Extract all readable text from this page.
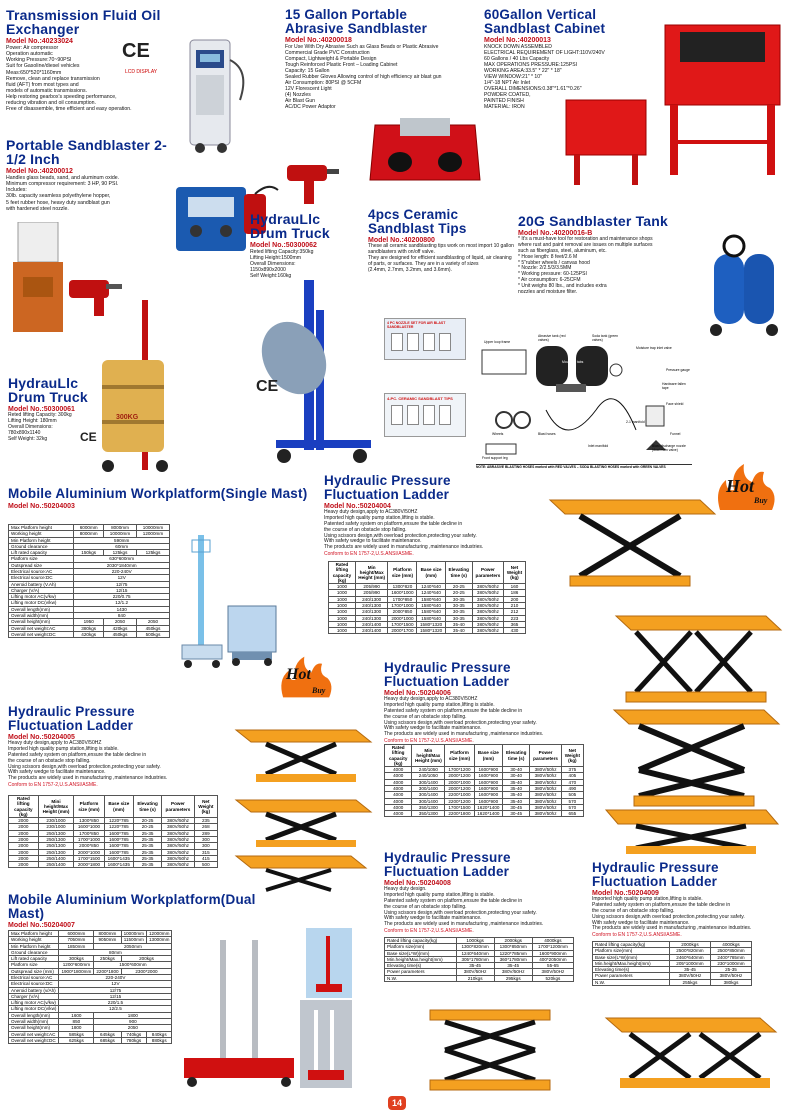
Transmission Fluid Oil Exchanger
Model No.:40233024
Power: Air compressor
Operation automatic
Working Pressure:70~90PSI
Suit for Gasoline/diesel vehicles
Meas:650*520*1160mm
Remove, clean and replace transmission
fluid (AFT) from most types and
models of automatic transmissions.
Help restoring gearbox's speeding performance,
reducing vibration and oil consumption.
Free of disassemble, time efficient and easy operation.
CE
LCD DISPLAY
Portable Sandblaster 2-1/2 Inch
Model No.:40200012
Handles glass beads, sand, and aluminum oxide.
Minimum compressor requirement: 3 HP, 90 PSI.
Includes:
30lb. capacity seamless polyethylene hopper,
5 feet rubber hose, heavy duty sandblast gun
with hardened steel nozzle.
15 Gallon Portable Abrasive Sandblaster
Model No.:40200018
For Use With Dry Abrasive Such as Glass Beads or Plastic Abrasive
Commercial Grade PVC Construction
Compact, Lightweight & Portable Design
Tough Reinforced Plastic Front – Loading Cabinet
Capacity: 15 Gallon
Sealed Rubber Gloves Allowing control of high efficiency air blast gun
Air Consumption: 80PSI @ 5CFM
12V Florescent Light
(4) Nozzles
Air Blast Gun
AC/DC Power Adaptor
60Gallon Vertical Sandblast Cabinet
Model No.:40200013
KNOCK DOWN ASSEMBLED
ELECTRICAL REQUIREMENT OF LIGHT:110V/240V
60 Gallons / 40 Lbs Capacity
MAX OPERATIONS PRESSURE:125PSI
WORKING AREA:33.5" * 22" * 18"
VIEW WINDOW:21" * 10"
1/4"-18 NPT Air Inlet
OVERALL DIMENSIONS:0.38"*1.61"*0.26"
POWDER COATED,
PAINTED FINISH
MATERIAL: IRON
HydrauLlc Drum Truck
Model No.:50300062
Reted lifting Capacity:350kg
Lifting Height:1500mm
Overall Dimensions:
1150x890x2000
Self Weight:160kg
4pcs Ceramic Sandblast Tips
Model No.:40200800
These all ceramic sandblasting tips work on most import 10 gallon sandblasters with on/off valve.
They are designed for efficient sandblasting of liquid, air cleaning of parts, or surfaces. They are in a variety of sizes
(2.4mm, 2.7mm, 3.2mm, and 3.6mm).
4 PC NOZZLE SET FOR AIR BLAST SANDBLASTER
4-PC. CERAMIC SANDBLAST TIPS
20G Sandblaster Tank
Model No.:40200016-B
* It's a must-have tool for restoration and maintenance shops
where rust and paint removal are issues on multiple surfaces
such as fiberglass, steel, aluminum, etc.
* Hose length: 8 feet/2.6 M
* 5"rubber wheels / canvas hood
* Nozzle: 2/2.5/3/3.5MM
* Working pressure: 60-125PSI
* Air consumption: 6-25CFM
* Unit weighs 80 lbs., and includes extra
nozzles and moisture filter.
Upper loop frame
Abrasive tank (red valves)
Soda tank (green valves)
Mounting tabs
Moisture trap inlet valve
Pressure gauge
Hardware fallen tape
Face shield
Wheels	Blast hoses
2-1 manifold
Funnel
Inlet manifold
Front support leg
Blast discharge nozzle (dual main valve)
NOTE: ABRASIVE BLASTING HOSES marked with RED VALVES – SODA BLASTING HOSES marked with GREEN VALVES
CE
300KG
HydrauLlc Drum Truck
Model No.:50300061
Reted lifting Capacity: 300kg
Lifting Height: 180mm
Overall Dimensions:
780x890x1140
Self Weight: 32kg	CE
Hot
Buy
Hot
Buy
Mobile Aluminium Workplatform(Single Mast)
Model No.:50204003
Max Platform height	6000mm	8000mm	10000mm
Working height	8000mm	10000mm	12000mm
Min Platform height	590mm		
Ground clearance	60mm		
Lift rated capacity	150kgs	125kgs	125kgs
Platform size	630*600mm		
Outspread size	2030*1840mm		
Electrical source:AC	220-240V		
Electrical source:DC	12V		
Aneroid battery (V.Ah)	12/75		
Charger (V/A)	12/15		
Lifting motor AC(v/kw)	220/0.75		
Lifting motor DC(v/kw)	12/1.2		
Overall length(mm)	1430		
Overall width(mm)	840		
Overall height(mm)	1950	2050	2050
Overall net weight:AC	380kgs	420kgs	450kgs
Overall net weight:DC	420kgs	450kgs	500kgs
Hydraulic Pressure Fluctuation Ladder
Model No.:50204004
Heavy duty design,apply to AC380V/50HZ
Imported high quality pump station,lifting is stable.
Patented safety system on platform,ensure the table decline in
the course of an obstacle stop falling.
Using scissors design,with overload protection,protecting your safety.
With safety wedge to facilitate maintenance.
The products are widely used in manufacturing ,maintenance industries.
Conform to EN 1757-2,U.S.ANSI/ASME.
Rated lifting capacity (kg)	Min height/Max Height (mm)	Platform size (mm)	Base size (mm)	Elevating time (s)	Power parameters	Net Weight (kg)
1000	205/990	1300*820	1240*640	20-25	380V/50hz	160
1000	205/990	1600*1000	1240*640	20-25	380V/50hz	186
1000	240/1300	1700*850	1580*640	30-35	380V/50hz	200
1000	240/1300	1700*1000	1580*640	30-35	380V/50hz	210
1000	240/1300	2000*850	1580*640	30-35	380V/50hz	212
1000	240/1300	2000*1000	1580*640	30-35	380V/50hz	223
1000	240/1400	1700*1500	1580*1320	35-40	380V/50hz	365
1000	240/1400	2000*1700	1580*1320	35-40	380V/50hz	430
Hydraulic Pressure Fluctuation Ladder
Model No.:50204005
Heavy duty design,apply to AC380V/50HZ
Imported high quality pump station,lifting is stable.
Patented safety system on platform,ensure the table decline in
the course of an obstacle stop falling.
Using scissors design,with overload protection,protecting your safety.
With safety wedge to facilitate maintenance.
The products are widely used in manufacturing ,maintenance industries.
Conform to EN 1757-2,U.S.ANSI/ASME.
Rated lifting capacity (kg)	Mini height/Max Height (mm)	Platform size (mm)	Base size (mm)	Elevating time (s)	Power parameters	Net Weight (kg)
2000	230/1000	1300*850	1220*785	20-25	380V/50hz	235
2000	230/1000	1600*1000	1220*785	20-25	380V/50hz	268
2000	250/1300	1700*850	1600*785	25-35	380V/50hz	289
2000	250/1300	1700*1000	1600*785	25-35	380V/50hz	300
2000	250/1300	2000*850	1600*785	25-35	380V/50hz	300
2000	250/1300	2000*1000	1600*785	25-35	380V/50hz	315
2000	250/1400	1700*1500	1600*1435	25-35	380V/50hz	415
2000	250/1400	2000*1800	1600*1435	25-35	380V/50hz	500
Hydraulic Pressure Fluctuation Ladder
Model No.:50204006
Heavy duty design,apply to AC380V/50HZ
Imported high quality pump station,lifting is stable.
Patented safety system on platform,ensure the table decline in
the course of an obstacle stop falling.
Using scissors design,with overload protection,protecting your safety.
With safety wedge to facilitate maintenance.
The products are widely used in manufacturing ,maintenance industries.
Conform to EN 1757-2,U.S.ANSI/ASME.
Rated lifting capacity (kg)	Min height/Max Height (mm)	Platform size (mm)	Base size (mm)	Elevating time (s)	Power parameters	Net Weight (kg)
4000	240/1050	1700*1200	1600*900	30-40	380V/50hz	375
4000	240/1050	2000*1200	1600*900	30-40	380V/50hz	405
4000	300/1400	2000*1000	1600*900	35-40	380V/50hz	470
4000	300/1400	2000*1200	1600*900	35-40	380V/50hz	490
4000	300/1400	2200*1000	1600*900	35-40	380V/50hz	505
4000	300/1400	2200*1200	1600*900	35-40	380V/50hz	570
4000	350/1300	1700*1500	1620*1400	30-45	380V/50hz	570
4000	350/1300	2200*1800	1620*1400	30-45	380V/50hz	655
Hydraulic Pressure Fluctuation Ladder
Model No.:50204008
Heavy duty design.
Imported high quality pump station,lifting is stable.
Patented safety system on platform,ensure the table decline in
the course of an obstacle stop falling.
Using scissors design,with overload protection,protecting your safety.
With safety wedge to facilitate maintenance.
The products are widely used in manufacturing ,maintenance industries.
Conform to EN 1757-2,U.S.ANSI/ASME.
Rated lifting capacity(kg)	1000kgs	2000kgs	4000kgs
Platform size(mm)	1300*820mm	1300*850mm	1700*1200mm
Base size(L*W)(mm)	1240*640mm	1220*785mm	1600*900mm
Min.height/Max.height(mm)	305*1780mm	360*1780mm	400*2050mm
Elevating time(s)	35-45	35-45	55-65
Power parameters	380V/50Hz	380V/50Hz	380V/50Hz
N.W.	210kgs	295kgs	520kgs
Hydraulic Pressure Fluctuation Ladder
Model No.:50204009
Imported high quality pump station,lifting is stable.
Patented safety system on platform,ensure the table decline in
the course of an obstacle stop falling.
Using scissors design,with overload protection,protecting your safety.
With safety wedge to facilitate maintenance.
The products are widely used in manufacturing ,maintenance industries.
Conform to EN 1757-2,U.S.ANSI/ASME.
Rated lifting capacity(kg)	2000kgs	4000kgs
Platform size(mm)	2500*820mm	2500*850mm
Base size(L*W)(mm)	2460*640mm	2400*785mm
Min.height/Max.height(mm)	205*1000mm	230*1000mm
Elevating time(s)	35-45	25-35
Power parameters	380V/50Hz	380V/50Hz
N.W.	255kgs	380kgs
Mobile Aluminium Workplatform(Dual Mast)
Model No.:50204007
Max Platform height	6000mm	8000mm	10000mm	12000mm
Working height	7050mm	9050mm	11500mm	13000mm
Min Platform height	1850mm	2050mm		
Ground clearance	80mm			
Lift rated capacity	300kgs	250kgs	200kgs	
Platform size	1200*600mm	1500*600mm		
Outspread size (mm)	1900*1800mm	2200*1800	2300*2000	
Electrical source:AC	220-240V			
Electrical source:DC	12V			
Aneroid battery (v/Ah)	12/75			
Charger (V/A)	12/15			
Lifting motor AC(v/kw)	220/1.5			
Lifting motor DC(v/kw)	12/2.5			
Overall length(mm)	1600	1800		
Overall width(mm)	850	900		
Overall height(mm)	1800	2050		
Overall net weight:AC	585kgs	645kgs	740kgs	840kgs
Overall net weight:DC	625kgs	685kgs	780kgs	880kgs
14
